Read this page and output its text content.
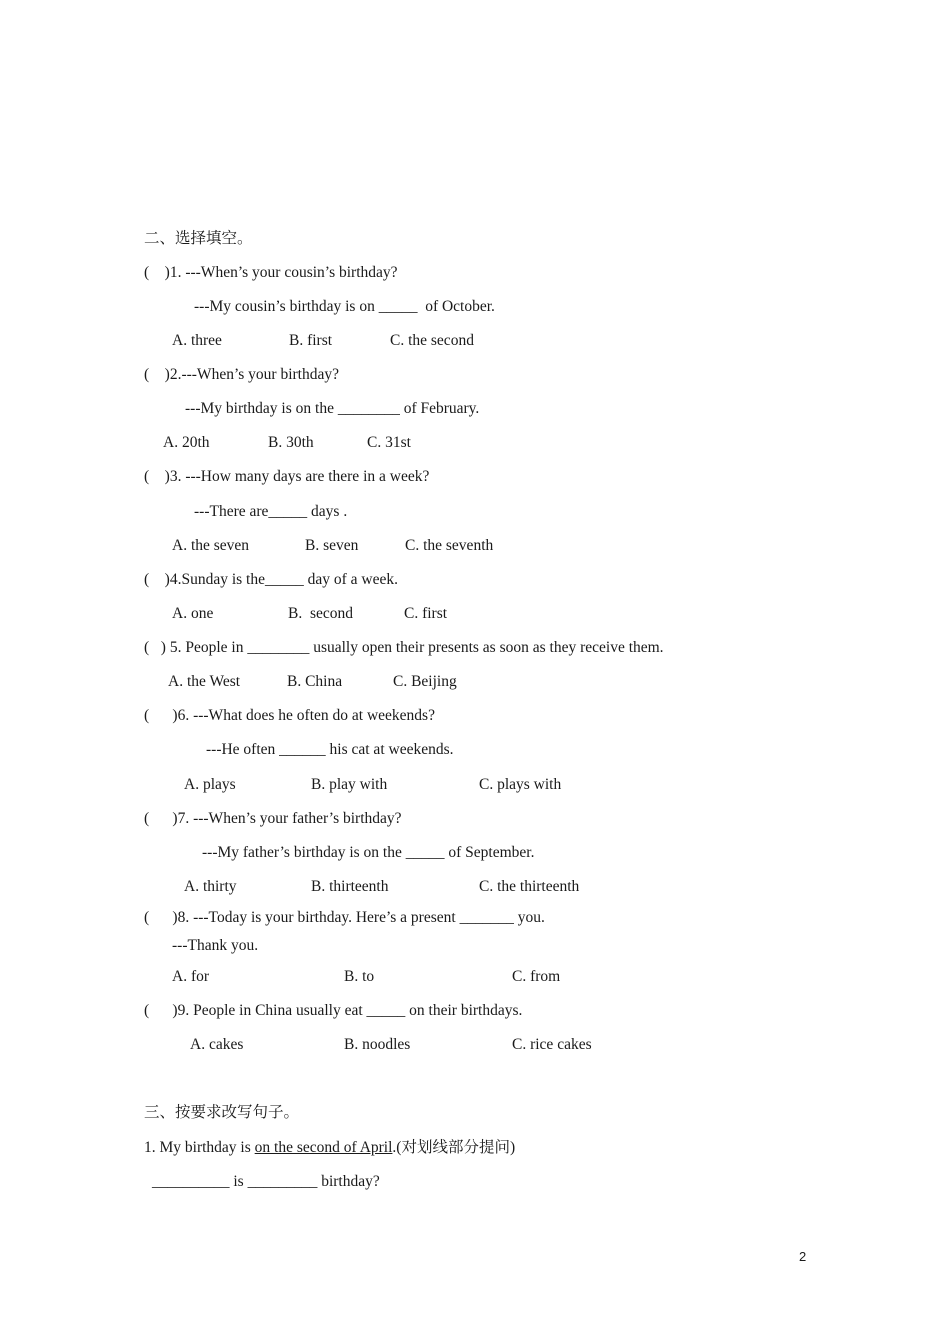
二、选择填空。
(    )1. ---When’s your cousin’s birthday?
---My cousin’s birthday is on _____  of October.
A. three	B. first	C. the second
(    )2.---When’s your birthday?
---My birthday is on the ________ of February.
A. 20th	B. 30th	C. 31st
(    )3. ---How many days are there in a week?
---There are_____ days .
A. the seven	B. seven	C. the seventh
(    )4.Sunday is the_____ day of a week.
A. one	B.  second	C. first
(   ) 5. People in ________ usually open their presents as soon as they receive them.
A. the West	B. China	C. Beijing
(      )6. ---What does he often do at weekends?
---He often ______ his cat at weekends.
A. plays	B. play with	C. plays with
(      )7. ---When’s your father’s birthday?
---My father’s birthday is on the _____ of September.
A. thirty	B. thirteenth	C. the thirteenth
(      )8. ---Today is your birthday. Here’s a present _______ you.
---Thank you.
A. for	B. to	C. from
(      )9. People in China usually eat _____ on their birthdays.
A. cakes	B. noodles	C. rice cakes
三、按要求改写句子。
1. My birthday is on the second of April.(对划线部分提问)
__________ is _________ birthday?
2
